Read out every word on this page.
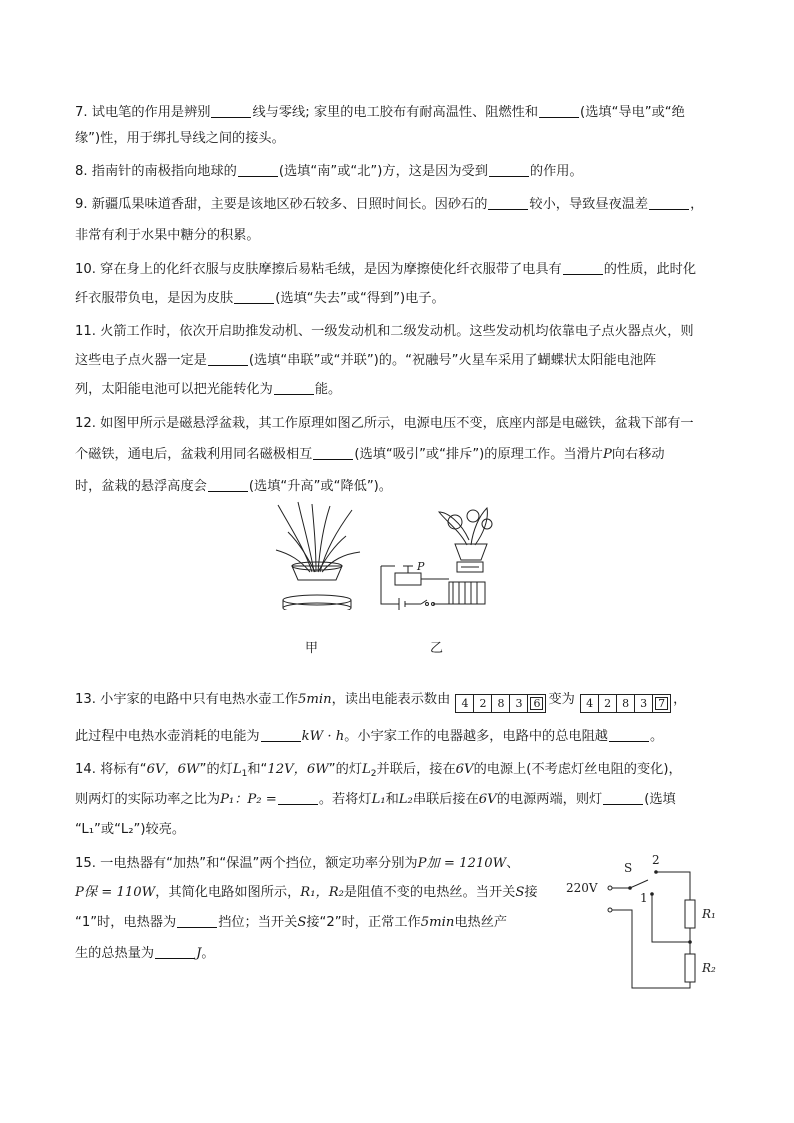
7. 试电笔的作用是辨别	线与零线; 家里的电工胶布有耐高温性、阻燃性和	(选填“导电”或“绝
缘”)性，用于绑扎导线之间的接头。
8. 指南针的南极指向地球的	(选填“南”或“北”)方，这是因为受到	的作用。
9. 新疆瓜果味道香甜，主要是该地区砂石较多、日照时间长。因砂石的	较小，导致昼夜温差	，
非常有利于水果中糖分的积累。
10. 穿在身上的化纤衣服与皮肤摩擦后易粘毛绒，是因为摩擦使化纤衣服带了电具有	的性质，此时化
纤衣服带负电，是因为皮肤	(选填“失去”或“得到”)电子。
11. 火箭工作时，依次开启助推发动机、一级发动机和二级发动机。这些发动机均依靠电子点火器点火，则
这些电子点火器一定是	(选填“串联”或“并联”)的。“祝融号”火星车采用了蝴蝶状太阳能电池阵
列，太阳能电池可以把光能转化为	能。
12. 如图甲所示是磁悬浮盆栽，其工作原理如图乙所示，电源电压不变，底座内部是电磁铁，盆栽下部有一
个磁铁，通电后，盆栽利用同名磁极相互	(选填“吸引”或“排斥”)的原理工作。当滑片P向右移动
时，盆栽的悬浮高度会	(选填“升高”或“降低”)。
甲
P
乙
13. 小宇家的电路中只有电热水壶工作5min，读出电能表示数由	4	2	8	3	6 变为	4	2	8	3	7 ，
此过程中电热水壶消耗的电能为	kW · h。小宇家工作的电器越多，电路中的总电阻越	。
14. 将标有“6V，6W”的灯$L_1$和“12V，6W”的灯$L_2$并联后，接在6V的电源上(不考虑灯丝电阻的变化)，
则两灯的实际功率之比为P₁：P₂ =	。若将灯L₁和L₂串联后接在6V的电源两端，则灯	(选填
“L₁”或“L₂”)较亮。
15. 一电热器有“加热”和“保温”两个挡位，额定功率分别为P加 = 1210W、
P保 = 110W，其简化电路如图所示，R₁，R₂是阻值不变的电热丝。当开关S接
“1”时，电热器为	挡位；当开关S接“2”时，正常工作5min电热丝产
生的总热量为	J。
220V
S
2
1
R₁
R₂
